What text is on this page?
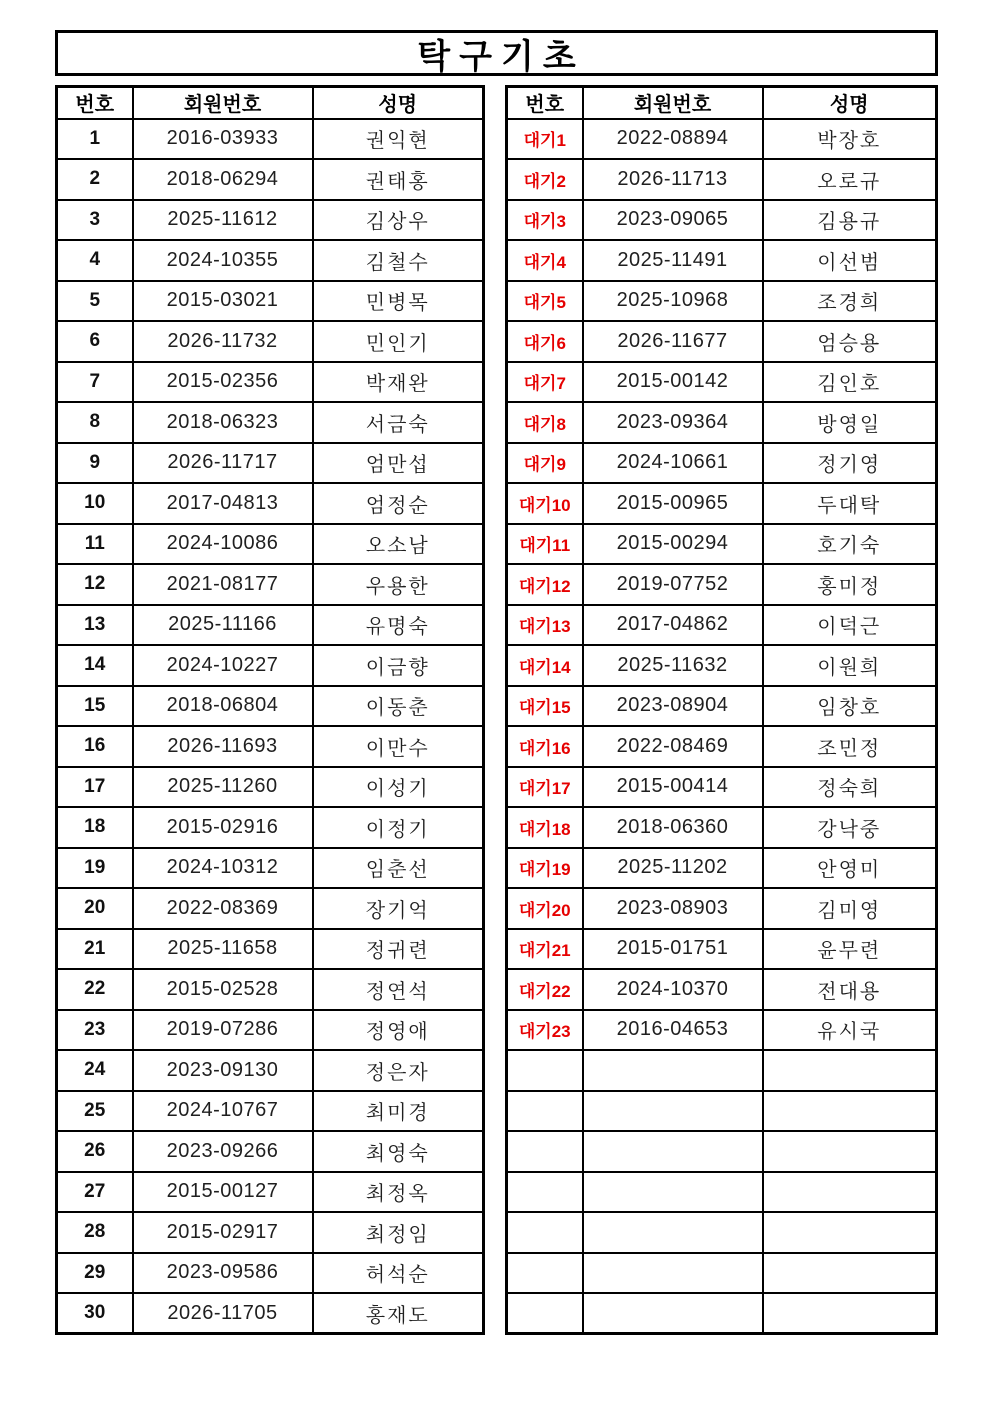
탁구기초
번호	회원번호	성명
1	2016-03933	권익현
2	2018-06294	권태홍
3	2025-11612	김상우
4	2024-10355	김철수
5	2015-03021	민병목
6	2026-11732	민인기
7	2015-02356	박재완
8	2018-06323	서금숙
9	2026-11717	엄만섭
10	2017-04813	엄정순
11	2024-10086	오소남
12	2021-08177	우용한
13	2025-11166	유명숙
14	2024-10227	이금향
15	2018-06804	이동춘
16	2026-11693	이만수
17	2025-11260	이성기
18	2015-02916	이정기
19	2024-10312	임춘선
20	2022-08369	장기억
21	2025-11658	정귀련
22	2015-02528	정연석
23	2019-07286	정영애
24	2023-09130	정은자
25	2024-10767	최미경
26	2023-09266	최영숙
27	2015-00127	최정옥
28	2015-02917	최정임
29	2023-09586	허석순
30	2026-11705	홍재도
번호	회원번호	성명
대기1	2022-08894	박장호
대기2	2026-11713	오로규
대기3	2023-09065	김용규
대기4	2025-11491	이선범
대기5	2025-10968	조경희
대기6	2026-11677	엄승용
대기7	2015-00142	김인호
대기8	2023-09364	방영일
대기9	2024-10661	정기영
대기10	2015-00965	두대탁
대기11	2015-00294	호기숙
대기12	2019-07752	홍미정
대기13	2017-04862	이덕근
대기14	2025-11632	이원희
대기15	2023-08904	임창호
대기16	2022-08469	조민정
대기17	2015-00414	정숙희
대기18	2018-06360	강낙중
대기19	2025-11202	안영미
대기20	2023-08903	김미영
대기21	2015-01751	윤무련
대기22	2024-10370	전대용
대기23	2016-04653	유시국
